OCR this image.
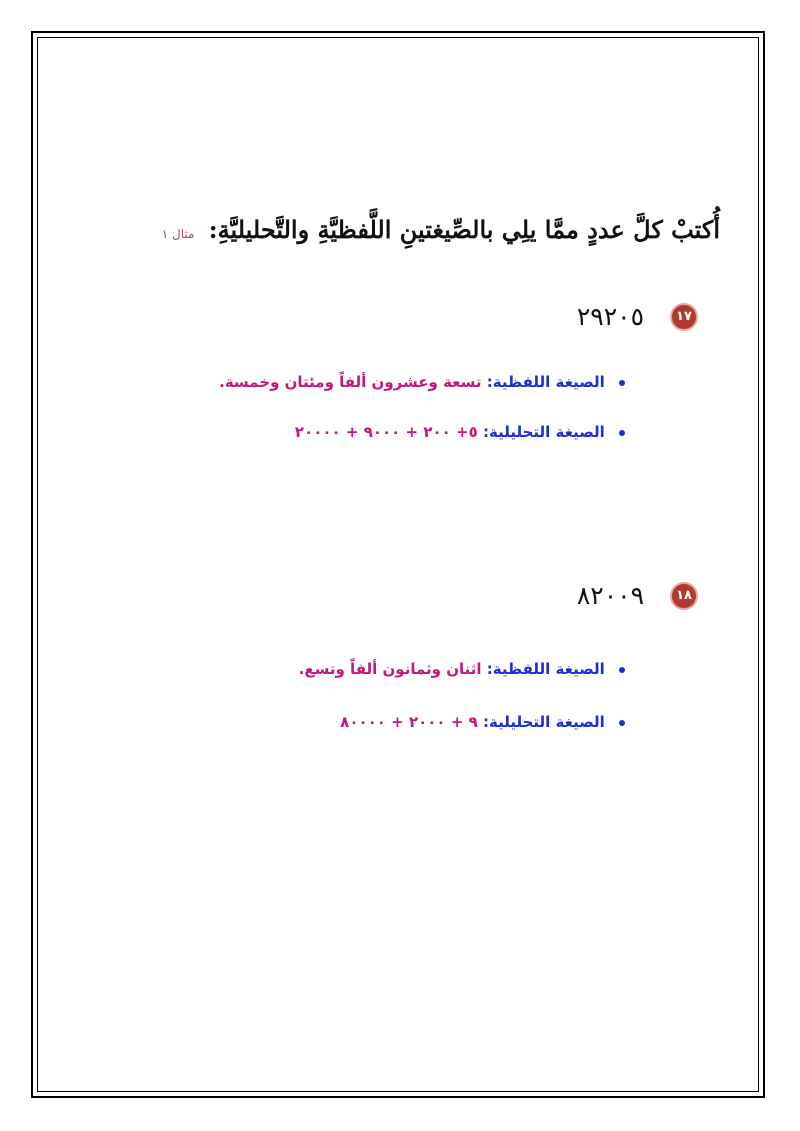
أُكتبْ كلَّ عددٍ ممَّا يلِي بالصِّيغتينِ اللَّفظيَّةِ والتَّحليليَّةِ: مثال ١
١٧
٢٩٢٠٥
الصيغة اللفظية: تسعة وعشرون ألفاً ومئتان وخمسة.
الصيغة التحليلية: ٥+ ٢٠٠ + ٩٠٠٠ + ٢٠٠٠٠
١٨
٨٢٠٠٩
الصيغة اللفظية: اثنان وثمانون ألفاً وتسع.
الصيغة التحليلية: ٩ + ٢٠٠٠ + ٨٠٠٠٠
